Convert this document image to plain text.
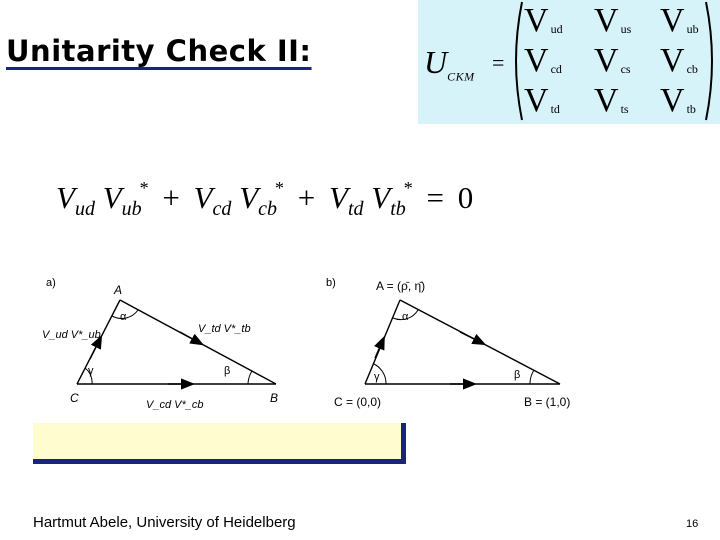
Unitarity Check II:	$U_{CKM}$
=
V $_{ud}$ V $_{us}$ V $_{ub}$
V $_{cd}$ V $_{cs}$ V $_{cb}$
V $_{td}$ V $_{ts}$ V $_{tb}$
$V_{ud}$ $V_{ub}^* + V_{cd}$ $V_{cb}^* + V_{td}$ $V_{tb}^* = 0$
a)	A
α
γ	β
C	B
V_ud V*_ub	V_td V*_tb
V_cd V*_cb
b)	A = (ρ̄, η̄)
α
γ	β
C = (0,0)	B = (1,0)
Hartmut Abele, University of Heidelberg	16
